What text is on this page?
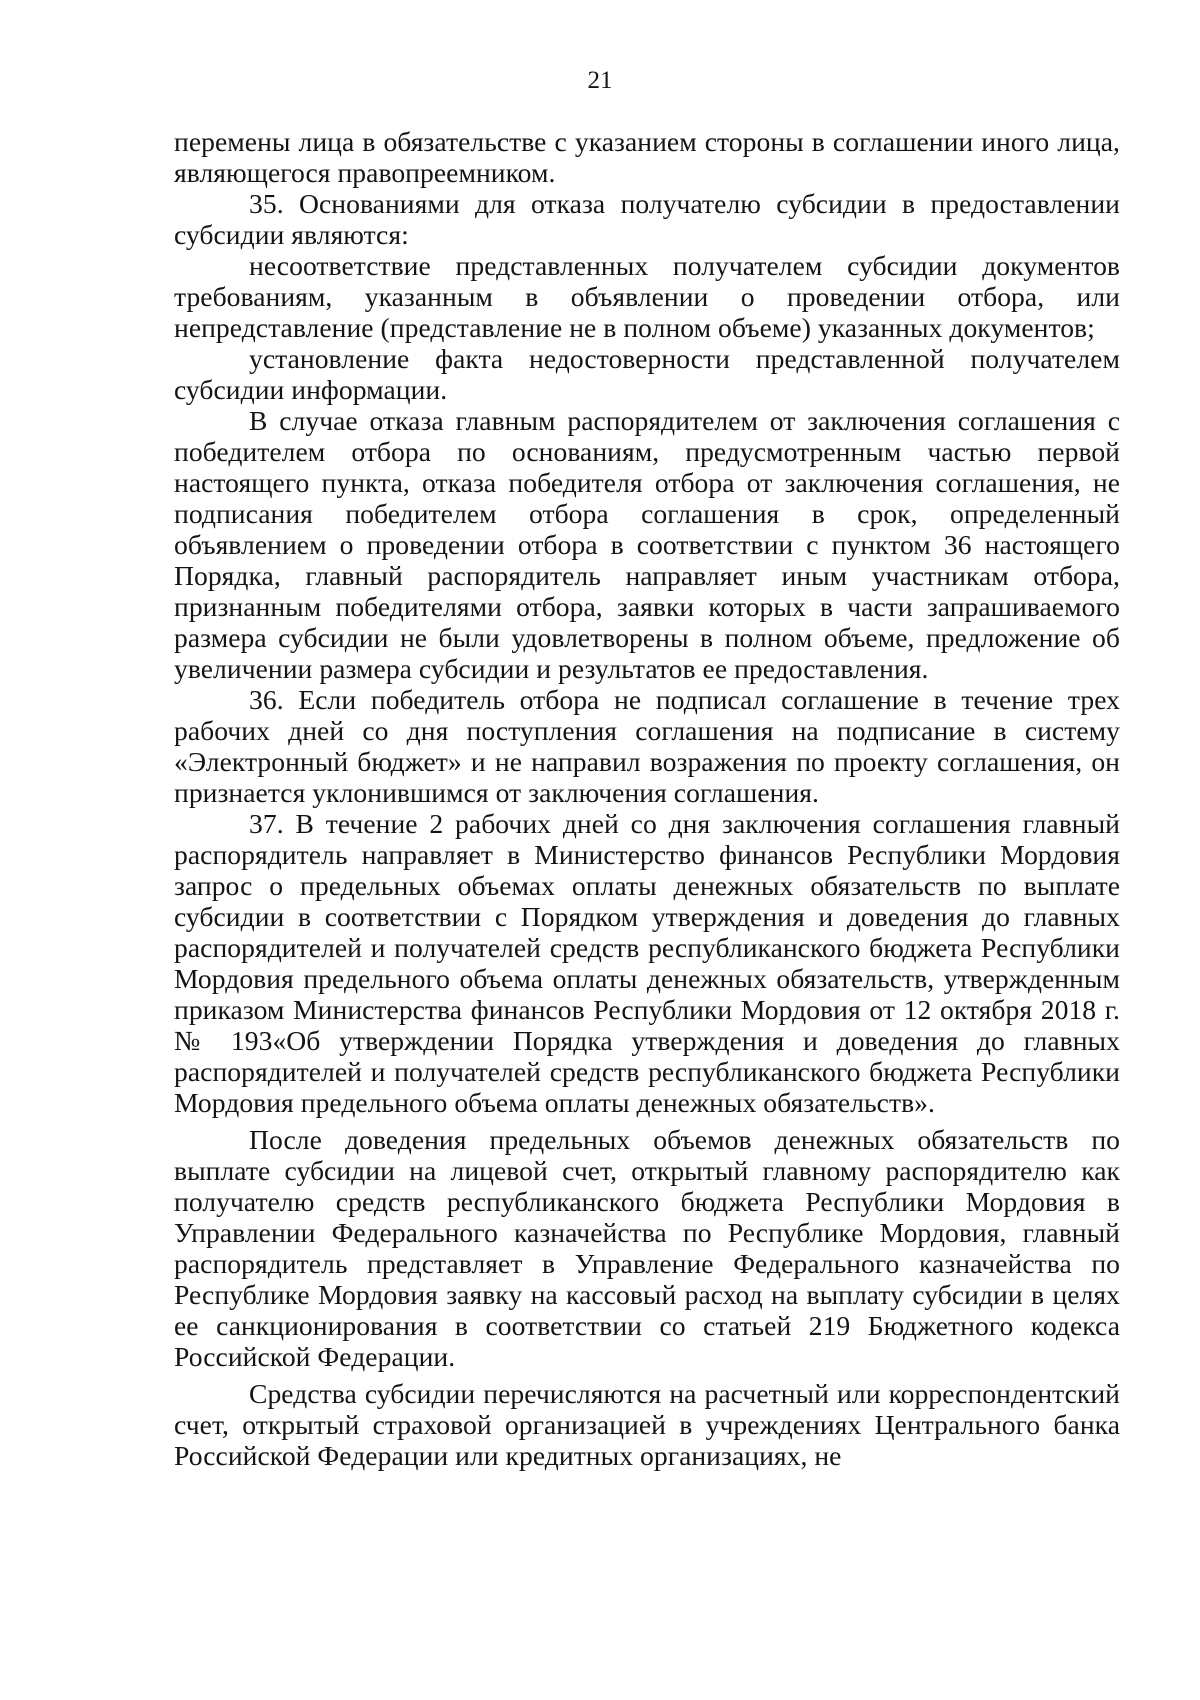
21

перемены лица в обязательстве с указанием стороны в соглашении иного лица, являющегося правопреемником.

35. Основаниями для отказа получателю субсидии в предоставлении субсидии являются:

несоответствие представленных получателем субсидии документов требованиям, указанным в объявлении о проведении отбора, или непредставление (представление не в полном объеме) указанных документов;

установление факта недостоверности представленной получателем субсидии информации.

В случае отказа главным распорядителем от заключения соглашения с победителем отбора по основаниям, предусмотренным частью первой настоящего пункта, отказа победителя отбора от заключения соглашения, не подписания победителем отбора соглашения в срок, определенный объявлением о проведении отбора в соответствии с пунктом 36 настоящего Порядка, главный распорядитель направляет иным участникам отбора, признанным победителями отбора, заявки которых в части запрашиваемого размера субсидии не были удовлетворены в полном объеме, предложение об увеличении размера субсидии и результатов ее предоставления.

36. Если победитель отбора не подписал соглашение в течение трех рабочих дней со дня поступления соглашения на подписание в систему «Электронный бюджет» и не направил возражения по проекту соглашения, он признается уклонившимся от заключения соглашения.

37. В течение 2 рабочих дней со дня заключения соглашения главный распорядитель направляет в Министерство финансов Республики Мордовия запрос о предельных объемах оплаты денежных обязательств по выплате субсидии в соответствии с Порядком утверждения и доведения до главных распорядителей и получателей средств республиканского бюджета Республики Мордовия предельного объема оплаты денежных обязательств, утвержденным приказом Министерства финансов Республики Мордовия от 12 октября 2018 г. № 193«Об утверждении Порядка утверждения и доведения до главных распорядителей и получателей средств республиканского бюджета Республики Мордовия предельного объема оплаты денежных обязательств».

После доведения предельных объемов денежных обязательств по выплате субсидии на лицевой счет, открытый главному распорядителю как получателю средств республиканского бюджета Республики Мордовия в Управлении Федерального казначейства по Республике Мордовия, главный распорядитель представляет в Управление Федерального казначейства по Республике Мордовия заявку на кассовый расход на выплату субсидии в целях ее санкционирования в соответствии со статьей 219 Бюджетного кодекса Российской Федерации.

Средства субсидии перечисляются на расчетный или корреспондентский счет, открытый страховой организацией в учреждениях Центрального банка Российской Федерации или кредитных организациях, не
